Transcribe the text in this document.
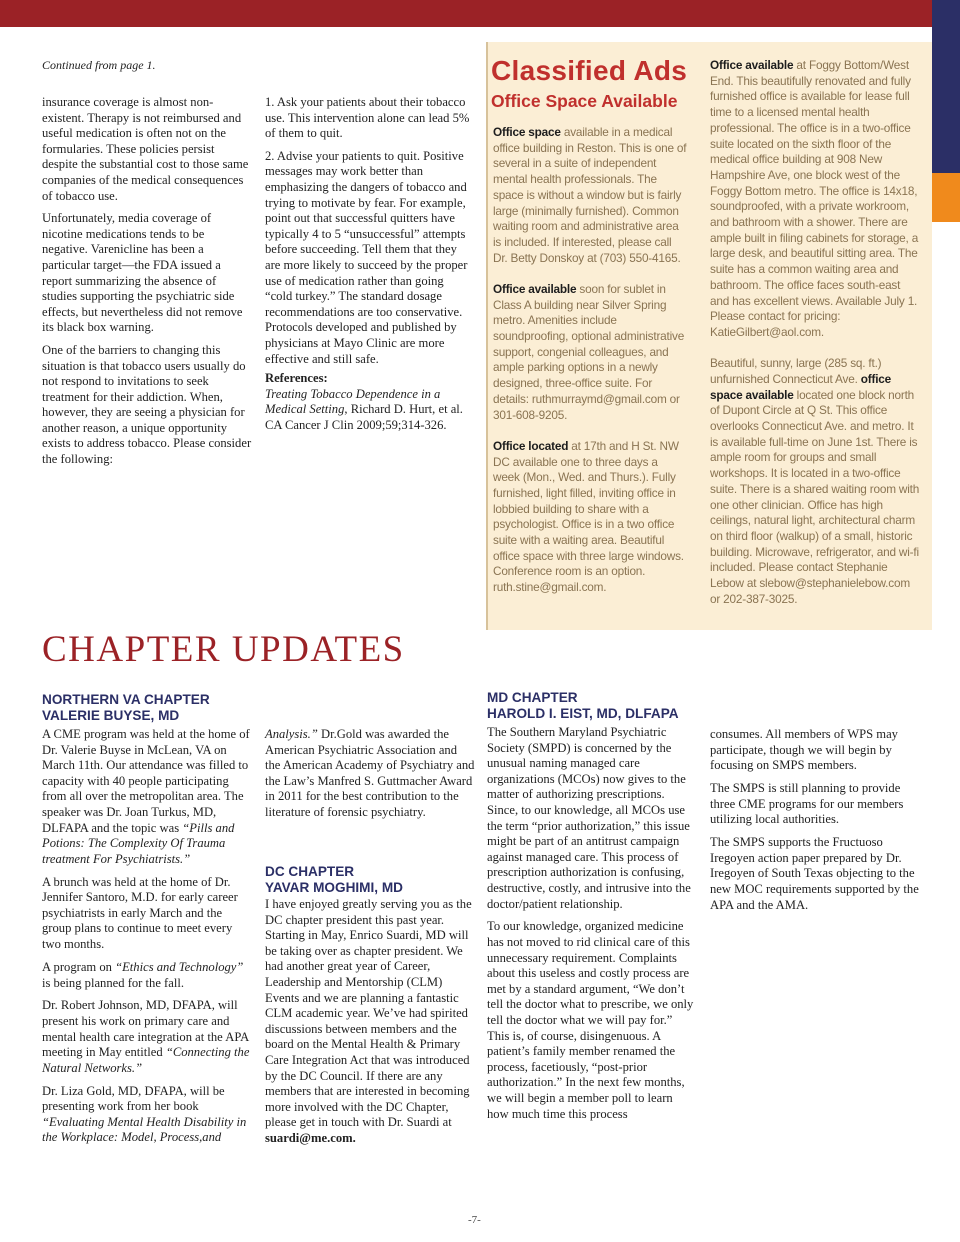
Continued from page 1.

insurance coverage is almost non-existent. Therapy is not reimbursed and useful medication is often not on the formularies. These policies persist despite the substantial cost to those same companies of the medical consequences of tobacco use.

Unfortunately, media coverage of nicotine medications tends to be negative. Varenicline has been a particular target—the FDA issued a report summarizing the absence of studies supporting the psychiatric side effects, but nevertheless did not remove its black box warning.

One of the barriers to changing this situation is that tobacco users usually do not respond to invitations to seek treatment for their addiction. When, however, they are seeing a physician for another reason, a unique opportunity exists to address tobacco. Please consider the following:

1. Ask your patients about their tobacco use. This intervention alone can lead 5% of them to quit.

2. Advise your patients to quit. Positive messages may work better than emphasizing the dangers of tobacco and trying to motivate by fear. For example, point out that successful quitters have typically 4 to 5 “unsuccessful” attempts before succeeding. Tell them that they are more likely to succeed by the proper use of medication rather than going “cold turkey.” The standard dosage recommendations are too conservative. Protocols developed and published by physicians at Mayo Clinic are more effective and still safe.

References:

Treating Tobacco Dependence in a Medical Setting, Richard D. Hurt, et al. CA Cancer J Clin 2009;59;314-326.

Classified Ads
Office Space Available

Office space available in a medical office building in Reston. This is one of several in a suite of independent mental health professionals. The space is without a window but is fairly large (minimally furnished). Common waiting room and administrative area is included. If interested, please call Dr. Betty Donskoy at (703) 550-4165.

Office available soon for sublet in Class A building near Silver Spring metro. Amenities include soundproofing, optional administrative support, congenial colleagues, and ample parking options in a newly designed, three-office suite. For details: ruthmurraymd@gmail.com or 301-608-9205.

Office located at 17th and H St. NW DC available one to three days a week (Mon., Wed. and Thurs.). Fully furnished, light filled, inviting office in lobbied building to share with a psychologist. Office is in a two office suite with a waiting area. Beautiful office space with three large windows. Conference room is an option. ruth.stine@gmail.com.

Office available at Foggy Bottom/West End. This beautifully renovated and fully furnished office is available for lease full time to a licensed mental health professional. The office is in a two-office suite located on the sixth floor of the medical office building at 908 New Hampshire Ave, one block west of the Foggy Bottom metro. The office is 14x18, soundproofed, with a private workroom, and bathroom with a shower. There are ample built in filing cabinets for storage, a large desk, and beautiful sitting area. The suite has a common waiting area and bathroom. The office faces south-east and has excellent views. Available July 1. Please contact for pricing: KatieGilbert@aol.com.

Beautiful, sunny, large (285 sq. ft.) unfurnished Connecticut Ave. office space available located one block north of Dupont Circle at Q St. This office overlooks Connecticut Ave. and metro. It is available full-time on June 1st. There is ample room for groups and small workshops. It is located in a two-office suite. There is a shared waiting room with one other clinician. Office has high ceilings, natural light, architectural charm on third floor (walkup) of a small, historic building. Microwave, refrigerator, and wi-fi included. Please contact Stephanie Lebow at slebow@stephanielebow.com or 202-387-3025.

CHAPTER UPDATES
NORTHERN VA CHAPTER
VALERIE BUYSE, MD

A CME program was held at the home of Dr. Valerie Buyse in McLean, VA on March 11th. Our attendance was filled to capacity with 40 people participating from all over the metropolitan area. The speaker was Dr. Joan Turkus, MD, DLFAPA and the topic was “Pills and Potions: The Complexity Of Trauma treatment For Psychiatrists.”

A brunch was held at the home of Dr. Jennifer Santoro, M.D. for early career psychiatrists in early March and the group plans to continue to meet every two months.

A program on “Ethics and Technology” is being planned for the fall.

Dr. Robert Johnson, MD, DFAPA, will present his work on primary care and mental health care integration at the APA meeting in May entitled “Connecting the Natural Networks.”

Dr. Liza Gold, MD, DFAPA, will be presenting work from her book “Evaluating Mental Health Disability in the Workplace: Model, Process,and

Analysis.” Dr.Gold was awarded the American Psychiatric Association and the American Academy of Psychiatry and the Law’s Manfred S. Guttmacher Award in 2011 for the best contribution to the literature of forensic psychiatry.

DC CHAPTER
YAVAR MOGHIMI, MD

I have enjoyed greatly serving you as the DC chapter president this past year. Starting in May, Enrico Suardi, MD will be taking over as chapter president. We had another great year of Career, Leadership and Mentorship (CLM) Events and we are planning a fantastic CLM academic year. We’ve had spirited discussions between members and the board on the Mental Health & Primary Care Integration Act that was introduced by the DC Council. If there are any members that are interested in becoming more involved with the DC Chapter, please get in touch with Dr. Suardi at suardi@me.com.

MD CHAPTER
HAROLD I. EIST, MD, DLFAPA

The Southern Maryland Psychiatric Society (SMPD) is concerned by the unusual naming managed care organizations (MCOs) now gives to the matter of authorizing prescriptions. Since, to our knowledge, all MCOs use the term “prior authorization,” this issue might be part of an antitrust campaign against managed care. This process of prescription authorization is confusing, destructive, costly, and intrusive into the doctor/patient relationship.

To our knowledge, organized medicine has not moved to rid clinical care of this unnecessary requirement. Complaints about this useless and costly process are met by a standard argument, “We don’t tell the doctor what to prescribe, we only tell the doctor what we will pay for.” This is, of course, disingenuous. A patient’s family member renamed the process, facetiously, “post-prior authorization.” In the next few months, we will begin a member poll to learn how much time this process

consumes. All members of WPS may participate, though we will begin by focusing on SMPS members.

The SMPS is still planning to provide three CME programs for our members utilizing local authorities.

The SMPS supports the Fructuoso Iregoyen action paper prepared by Dr. Iregoyen of South Texas objecting to the new MOC requirements supported by the APA and the AMA.

-7-
